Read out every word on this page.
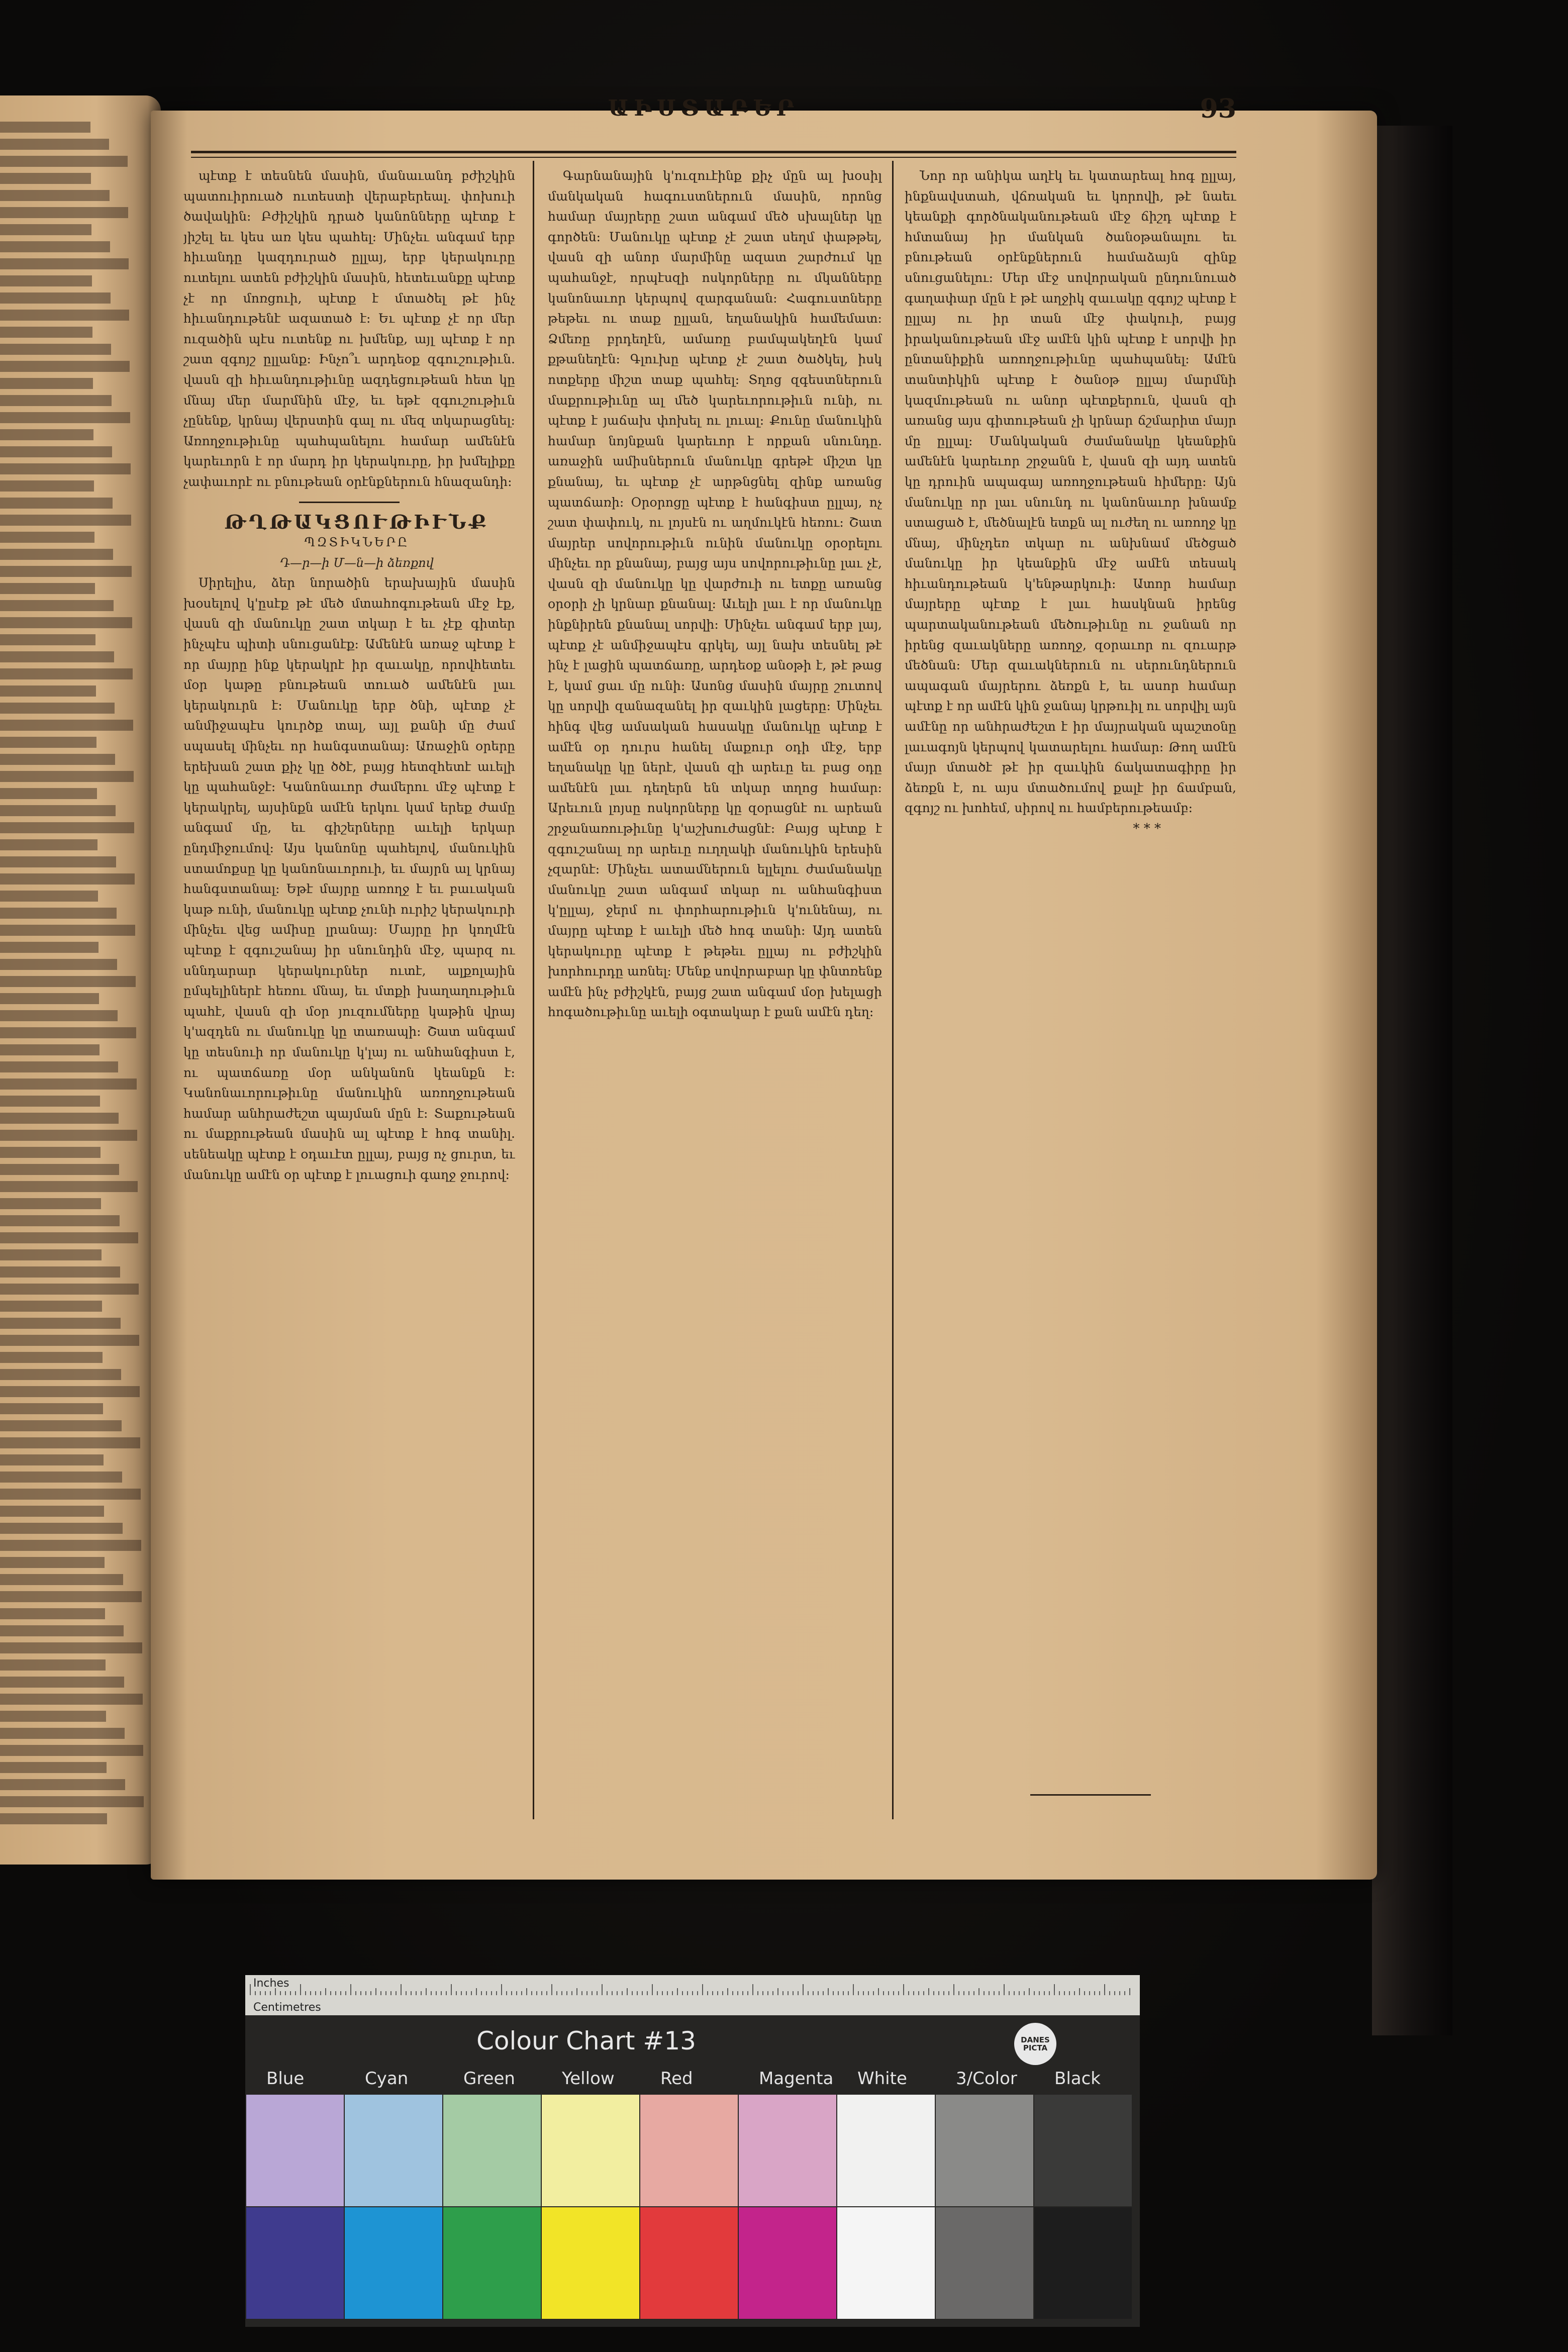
ԱԻՍՏԱԲԵՐ	93

պէտք է տեսնեն մասին, մանաւանդ բժիշկին պատուիրուած ուտեստի վերաբերեալ. փոխուի ծավակին։ Բժիշկին դրած կանոնները պէտք է յիշել եւ կես առ կես պահել։ Մինչեւ անգամ երբ հիւանդը կազդուրած ըլլայ, երբ կերակուրը ուտելու ատեն բժիշկին մասին, հետեւանքը պէտք չէ որ մոռցուի, պէտք է մտածել թէ ինչ հիւանդութենէ ազատած է։ Եւ պէտք չէ որ մեր ուզածին պէս ուտենք ու խմենք, այլ պէտք է որ շատ զգոյշ ըլլանք։ Ինչո՞ւ արդեօք զգուշութիւն. վասն զի հիւանդութիւնը ազդեցութեան հետ կը մնայ մեր մարմնին մէջ, եւ եթէ զգուշութիւն չընենք, կրնայ վերստին գալ ու մեզ տկարացնել։ Առողջութիւնը պահպանելու համար ամենէն կարեւորն է որ մարդ իր կերակուրը, իր խմելիքը չափաւորէ ու բնութեան օրէնքներուն հնազանդի։

ԹՂԹԱԿՑՈՒԹԻՒՆՔ

ՊԶՏԻԿՆԵՐԸ

Դ—ր—ի Մ—ն—ի ձեռքով

Սիրելիս, ձեր նորածին երախային մասին խօսելով կ'ըսէք թէ մեծ մտահոգութեան մէջ էք, վասն զի մանուկը շատ տկար է եւ չէք գիտեր ինչպէս պիտի սնուցանէք։ Ամենէն առաջ պէտք է որ մայրը ինք կերակրէ իր զաւակը, որովհետեւ մօր կաթը բնութեան տուած ամենէն լաւ կերակուրն է։ Մանուկը երբ ծնի, պէտք չէ անմիջապէս կուրծք տալ, այլ քանի մը ժամ սպասել մինչեւ որ հանգստանայ։ Առաջին օրերը երեխան շատ քիչ կը ծծէ, բայց հետզհետէ աւելի կը պահանջէ։ Կանոնաւոր ժամերու մէջ պէտք է կերակրել, այսինքն ամէն երկու կամ երեք ժամը անգամ մը, եւ գիշերները աւելի երկար ընդմիջումով։ Այս կանոնը պահելով, մանուկին ստամոքսը կը կանոնաւորուի, եւ մայրն ալ կրնայ հանգստանալ։ Եթէ մայրը առողջ է եւ բաւական կաթ ունի, մանուկը պէտք չունի ուրիշ կերակուրի մինչեւ վեց ամիսը լրանայ։ Մայրը իր կողմէն պէտք է զգուշանայ իր սնունդին մէջ, պարզ ու սննդարար կերակուրներ ուտէ, ալքոլային ըմպելիներէ հեռու մնայ, եւ մտքի խաղաղութիւն պահէ, վասն զի մօր յուզումները կաթին վրայ կ'ազդեն ու մանուկը կը տառապի։ Շատ անգամ կը տեսնուի որ մանուկը կ'լայ ու անհանգիստ է, ու պատճառը մօր անկանոն կեանքն է։ Կանոնաւորութիւնը մանուկին առողջութեան համար անհրաժեշտ պայման մըն է։ Տաքութեան ու մաքրութեան մասին ալ պէտք է հոգ տանիլ. սենեակը պէտք է օդաւէտ ըլլայ, բայց ոչ ցուրտ, եւ մանուկը ամէն օր պէտք է լուացուի գաղջ ջուրով։

Գարնանային կ'ուզուէինք քիչ մըն ալ խօսիլ մանկական հագուստներուն մասին, որոնց համար մայրերը շատ անգամ մեծ սխալներ կը գործեն։ Մանուկը պէտք չէ շատ սեղմ փաթթել, վասն զի անոր մարմինը ազատ շարժում կը պահանջէ, որպէսզի ոսկորները ու մկանները կանոնաւոր կերպով զարգանան։ Հագուստները թեթեւ ու տաք ըլլան, եղանակին համեմատ։ Ձմեռը բրդեղէն, ամառը բամպակեղէն կամ քթանեղէն։ Գլուխը պէտք չէ շատ ծածկել, իսկ ոտքերը միշտ տաք պահել։ Տղոց զգեստներուն մաքրութիւնը ալ մեծ կարեւորութիւն ունի, ու պէտք է յաճախ փոխել ու լուալ։ Քունը մանուկին համար նոյնքան կարեւոր է որքան սնունդը. առաջին ամիսներուն մանուկը գրեթէ միշտ կը քնանայ, եւ պէտք չէ արթնցնել զինք առանց պատճառի։ Օրօրոցը պէտք է հանգիստ ըլլայ, ոչ շատ փափուկ, ու լոյսէն ու աղմուկէն հեռու։ Շատ մայրեր սովորութիւն ունին մանուկը օրօրելու մինչեւ որ քնանայ, բայց այս սովորութիւնը լաւ չէ, վասն զի մանուկը կը վարժուի ու ետքը առանց օրօրի չի կրնար քնանալ։ Աւելի լաւ է որ մանուկը ինքնիրեն քնանալ սորվի։ Մինչեւ անգամ երբ լայ, պէտք չէ անմիջապէս գրկել, այլ նախ տեսնել թէ ինչ է լացին պատճառը, արդեօք անօթի է, թէ թաց է, կամ ցաւ մը ունի։ Ասոնց մասին մայրը շուտով կը սորվի զանազանել իր զաւկին լացերը։ Մինչեւ հինգ վեց ամսական հասակը մանուկը պէտք է ամէն օր դուրս հանել մաքուր օդի մէջ, երբ եղանակը կը ներէ, վասն զի արեւը եւ բաց օդը ամենէն լաւ դեղերն են տկար տղոց համար։ Արեւուն լոյսը ոսկորները կը զօրացնէ ու արեան շրջանառութիւնը կ'աշխուժացնէ։ Բայց պէտք է զգուշանալ որ արեւը ուղղակի մանուկին երեսին չզարնէ։ Մինչեւ ատամներուն ելլելու ժամանակը մանուկը շատ անգամ տկար ու անհանգիստ կ'ըլլայ, ջերմ ու փորհարութիւն կ'ունենայ, ու մայրը պէտք է աւելի մեծ հոգ տանի։ Այդ ատեն կերակուրը պէտք է թեթեւ ըլլայ ու բժիշկին խորհուրդը առնել։ Մենք սովորաբար կը փնտռենք ամէն ինչ բժիշկէն, բայց շատ անգամ մօր խելացի հոգածութիւնը աւելի օգտակար է քան ամէն դեղ։

Նոր որ անիկա աղէկ եւ կատարեալ հոգ ըլլայ, ինքնավստահ, վճռական եւ կորովի, թէ նաեւ կեանքի գործնականութեան մէջ ճիշդ պէտք է հմտանայ իր մանկան ծանօթանալու եւ բնութեան օրէնքներուն համաձայն զինք սնուցանելու։ Մեր մէջ սովորական ընդունուած գաղափար մըն է թէ աղջիկ զաւակը զգոյշ պէտք է ըլլայ ու իր տան մէջ փակուի, բայց իրականութեան մէջ ամէն կին պէտք է սորվի իր ընտանիքին առողջութիւնը պահպանել։ Ամէն տանտիկին պէտք է ծանօթ ըլլայ մարմնի կազմութեան ու անոր պէտքերուն, վասն զի առանց այս գիտութեան չի կրնար ճշմարիտ մայր մը ըլլալ։ Մանկական ժամանակը կեանքին ամենէն կարեւոր շրջանն է, վասն զի այդ ատեն կը դրուին ապագայ առողջութեան հիմերը։ Այն մանուկը որ լաւ սնունդ ու կանոնաւոր խնամք ստացած է, մեծնալէն ետքն ալ ուժեղ ու առողջ կը մնայ, մինչդեռ տկար ու անխնամ մեծցած մանուկը իր կեանքին մէջ ամէն տեսակ հիւանդութեան կ'ենթարկուի։ Ատոր համար մայրերը պէտք է լաւ հասկնան իրենց պարտականութեան մեծութիւնը ու ջանան որ իրենց զաւակները առողջ, զօրաւոր ու զուարթ մեծնան։ Մեր զաւակներուն ու սերունդներուն ապագան մայրերու ձեռքն է, եւ ասոր համար պէտք է որ ամէն կին ջանայ կրթուիլ ու սորվիլ այն ամէնը որ անհրաժեշտ է իր մայրական պաշտօնը լաւագոյն կերպով կատարելու համար։ Թող ամէն մայր մտածէ թէ իր զաւկին ճակատագիրը իր ձեռքն է, ու այս մտածումով քալէ իր ճամբան, զգոյշ ու խոհեմ, սիրով ու համբերութեամբ։

* * *

Inches
Centimetres
Colour Chart #13	DANES PICTA
Blue	Cyan	Green	Yellow	Red	Magenta White	3/Color Black
